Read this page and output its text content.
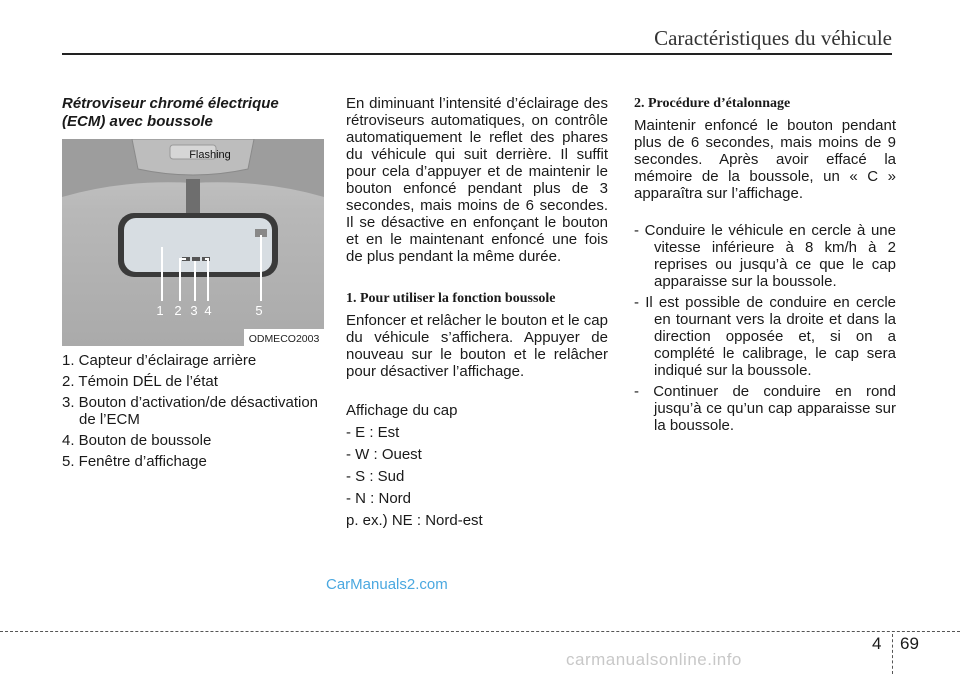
Caractéristiques du véhicule
Rétroviseur chromé électrique
(ECM) avec boussole
1 2 3 4	5
Flashing
ODMECO2003
1. Capteur d’éclairage arrière
2. Témoin DÉL de l’état
3. Bouton d’activation/de désactivation de l’ECM
4. Bouton de boussole
5. Fenêtre d’affichage
En diminuant l’intensité d’éclairage des rétroviseurs automatiques, on contrôle automatiquement le reflet des phares du véhicule qui suit derrière. Il suffit pour cela d’appuyer et de maintenir le bouton enfoncé pendant plus de 3 secondes, mais moins de 6 secondes. Il se désactive en enfonçant le bouton et en le maintenant enfoncé une fois de plus pendant la même durée.
1. Pour utiliser la fonction boussole
Enfoncer et relâcher le bouton et le cap du véhicule s’affichera. Appuyer de nouveau sur le bouton et le relâcher pour désactiver l’affichage.
Affichage du cap
- E : Est
- W : Ouest
- S : Sud
- N : Nord
p. ex.) NE : Nord-est
2. Procédure d’étalonnage
Maintenir enfoncé le bouton pendant plus de 6 secondes, mais moins de 9 secondes. Après avoir effacé la mémoire de la boussole, un « C » apparaîtra sur l’affichage.
- Conduire le véhicule en cercle à une vitesse inférieure à 8 km/h à 2 reprises ou jusqu’à ce que le cap apparaisse sur la boussole.
- Il est possible de conduire en cercle en tournant vers la droite et dans la direction opposée et, si on a complété le calibrage, le cap sera indiqué sur la boussole.
- Continuer de conduire en rond jusqu’à ce qu’un cap apparaisse sur la boussole.
CarManuals2.com
4 69
carmanualsonline.info
